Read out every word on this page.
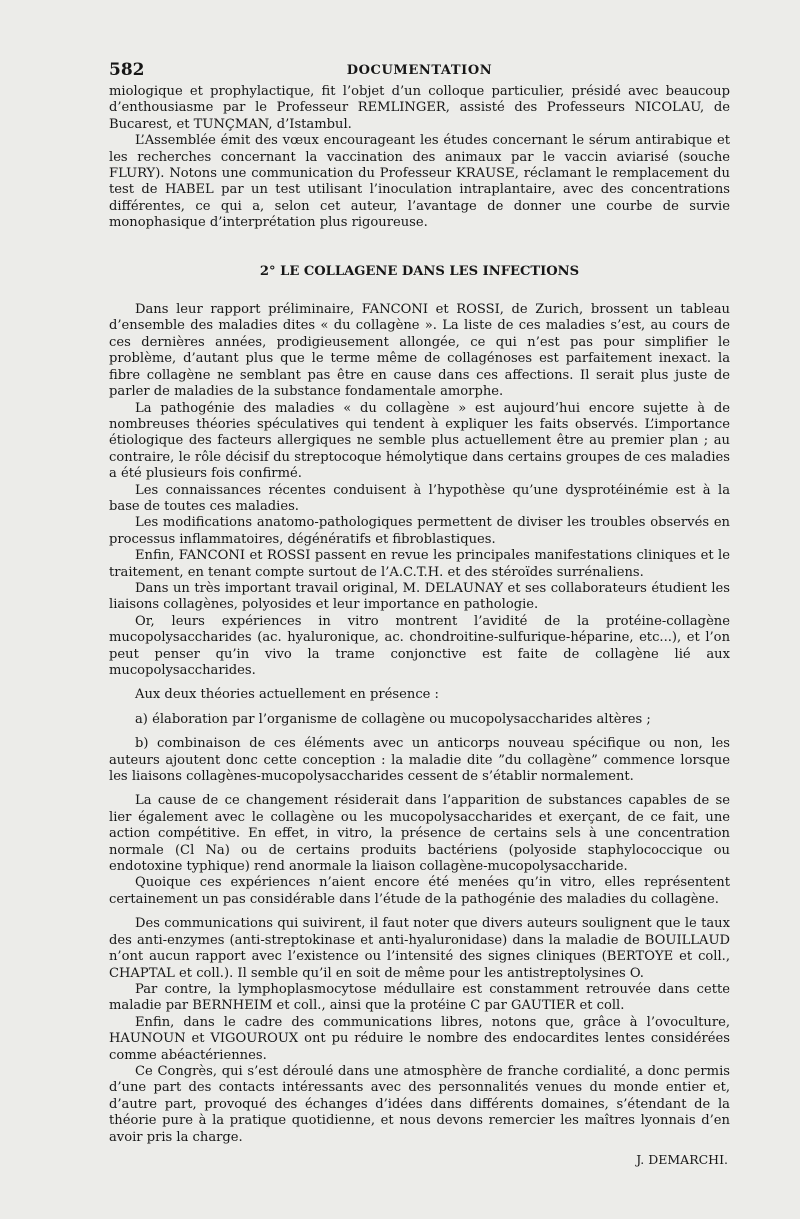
582	DOCUMENTATION

miologique et prophylactique, fit l’objet d’un colloque particulier, présidé avec beaucoup d’enthousiasme par le Professeur REMLINGER, assisté des Professeurs NICOLAU, de Bucarest, et TUNÇMAN, d’Istambul.

L’Assemblée émit des vœux encourageant les études concernant le sérum antirabique et les recherches concernant la vaccination des animaux par le vaccin aviarisé (souche FLURY). Notons une communication du Professeur KRAUSE, réclamant le remplacement du test de HABEL par un test utilisant l’inoculation intraplantaire, avec des concentrations différentes, ce qui a, selon cet auteur, l’avantage de donner une courbe de survie monophasique d’interprétation plus rigoureuse.

2° LE COLLAGENE DANS LES INFECTIONS

Dans leur rapport préliminaire, FANCONI et ROSSI, de Zurich, brossent un tableau d’ensemble des maladies dites « du collagène ». La liste de ces maladies s’est, au cours de ces dernières années, prodigieusement allongée, ce qui n’est pas pour simplifier le problème, d’autant plus que le terme même de collagénoses est parfaitement inexact. la fibre collagène ne semblant pas être en cause dans ces affections. Il serait plus juste de parler de maladies de la substance fondamentale amorphe.

La pathogénie des maladies « du collagène » est aujourd’hui encore sujette à de nombreuses théories spéculatives qui tendent à expliquer les faits observés. L’importance étiologique des facteurs allergiques ne semble plus actuellement être au premier plan ; au contraire, le rôle décisif du streptocoque hémolytique dans certains groupes de ces maladies a été plusieurs fois confirmé.

Les connaissances récentes conduisent à l’hypothèse qu’une dysprotéinémie est à la base de toutes ces maladies.

Les modifications anatomo-pathologiques permettent de diviser les troubles observés en processus inflammatoires, dégénératifs et fibroblastiques.

Enfin, FANCONI et ROSSI passent en revue les principales manifestations cliniques et le traitement, en tenant compte surtout de l’A.C.T.H. et des stéroïdes surrénaliens.

Dans un très important travail original, M. DELAUNAY et ses collaborateurs étudient les liaisons collagènes, polyosides et leur importance en pathologie.

Or, leurs expériences in vitro montrent l’avidité de la protéine-collagène mucopolysaccharides (ac. hyaluronique, ac. chondroitine-sulfurique-héparine, etc...), et l’on peut penser qu’in vivo la trame conjonctive est faite de collagène lié aux mucopolysaccharides.

Aux deux théories actuellement en présence :

a) élaboration par l’organisme de collagène ou mucopolysaccharides altères ;

b) combinaison de ces éléments avec un anticorps nouveau spécifique ou non, les auteurs ajoutent donc cette conception : la maladie dite ”du collagène” commence lorsque les liaisons collagènes-mucopolysaccharides cessent de s’établir normalement.

La cause de ce changement résiderait dans l’apparition de substances capables de se lier également avec le collagène ou les mucopolysaccharides et exerçant, de ce fait, une action compétitive. En effet, in vitro, la présence de certains sels à une concentration normale (Cl Na) ou de certains produits bactériens (polyoside staphylococcique ou endotoxine typhique) rend anormale la liaison collagène-mucopolysaccharide.

Quoique ces expériences n’aient encore été menées qu’in vitro, elles représentent certainement un pas considérable dans l’étude de la pathogénie des maladies du collagène.

Des communications qui suivirent, il faut noter que divers auteurs soulignent que le taux des anti-enzymes (anti-streptokinase et anti-hyaluronidase) dans la maladie de BOUILLAUD n’ont aucun rapport avec l’existence ou l’intensité des signes cliniques (BERTOYE et coll., CHAPTAL et coll.). Il semble qu’il en soit de même pour les antistreptolysines O.

Par contre, la lymphoplasmocytose médullaire est constamment retrouvée dans cette maladie par BERNHEIM et coll., ainsi que la protéine C par GAUTIER et coll.

Enfin, dans le cadre des communications libres, notons que, grâce à l’ovoculture, HAUNOUN et VIGOUROUX ont pu réduire le nombre des endocardites lentes considérées comme abéactériennes.

Ce Congrès, qui s’est déroulé dans une atmosphère de franche cordialité, a donc permis d’une part des contacts intéressants avec des personnalités venues du monde entier et, d’autre part, provoqué des échanges d’idées dans différents domaines, s’étendant de la théorie pure à la pratique quotidienne, et nous devons remercier les maîtres lyonnais d’en avoir pris la charge.

J. DEMARCHI.
